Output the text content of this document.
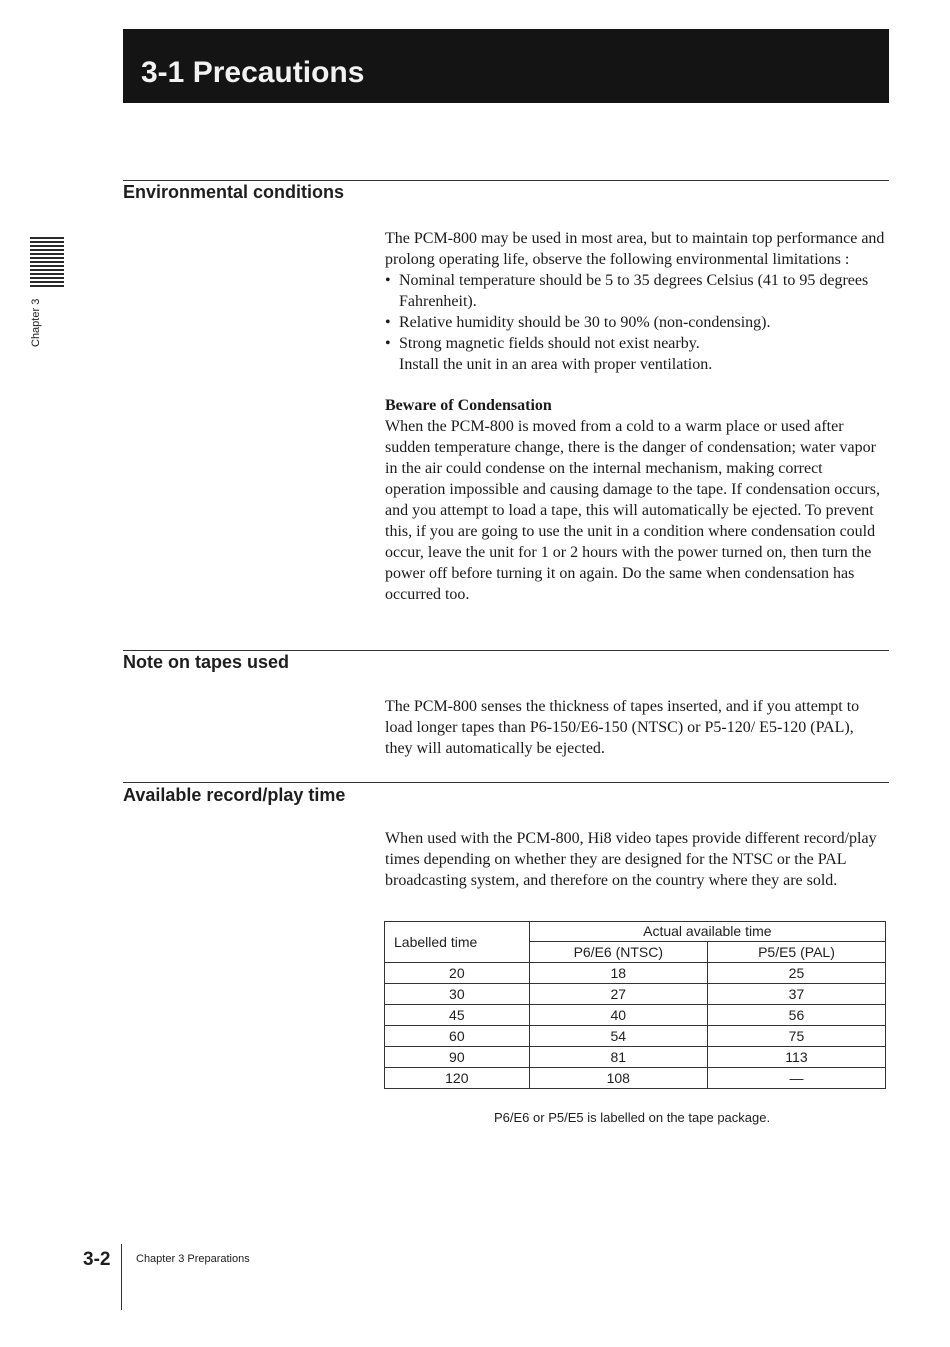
3-1 Precautions
Chapter 3
Environmental conditions

The PCM-800 may be used in most area, but to maintain top performance and prolong operating life, observe the following environmental limitations :

• Nominal temperature should be 5 to 35 degrees Celsius (41 to 95 degrees Fahrenheit).
• Relative humidity should be 30 to 90% (non-condensing).
• Strong magnetic fields should not exist nearby.

Install the unit in an area with proper ventilation.

Beware of Condensation

When the PCM-800 is moved from a cold to a warm place or used after sudden temperature change, there is the danger of condensation; water vapor in the air could condense on the internal mechanism, making correct operation impossible and causing damage to the tape. If condensation occurs, and you attempt to load a tape, this will automatically be ejected. To prevent this, if you are going to use the unit in a condition where condensation could occur, leave the unit for 1 or 2 hours with the power turned on, then turn the power off before turning it on again. Do the same when condensation has occurred too.

Note on tapes used

The PCM-800 senses the thickness of tapes inserted, and if you attempt to load longer tapes than P6-150/E6-150 (NTSC) or P5-120/ E5-120 (PAL), they will automatically be ejected.

Available record/play time

When used with the PCM-800, Hi8 video tapes provide different record/play times depending on whether they are designed for the NTSC or the PAL broadcasting system, and therefore on the country where they are sold.

Labelled time	Actual available time	
	P6/E6 (NTSC)	P5/E5 (PAL)
20	18	25
30	27	37
45	40	56
60	54	75
90	81	113
120	108	—

P6/E6 or P5/E5 is labelled on the tape package.

3-2 Chapter 3 Preparations
